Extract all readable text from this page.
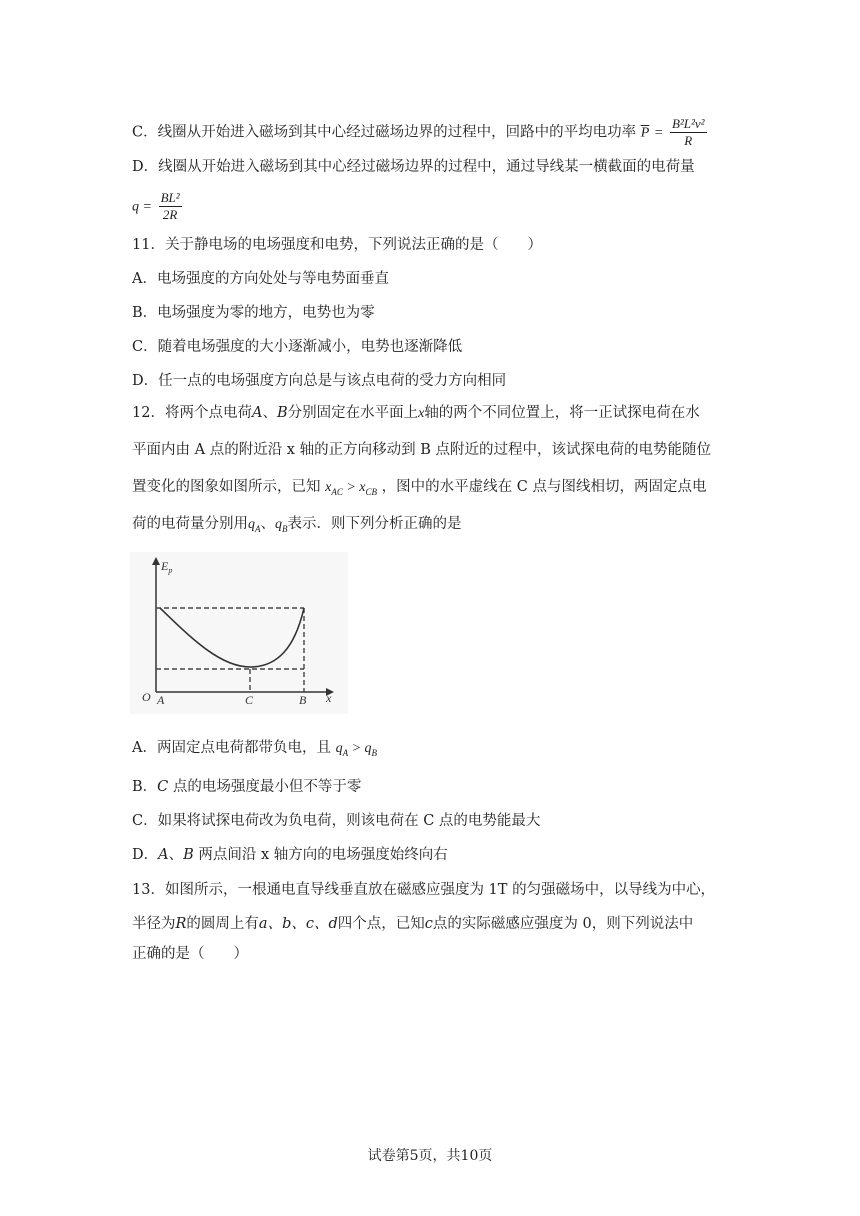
C．线圈从开始进入磁场到其中心经过磁场边界的过程中，回路中的平均电功率 $\overline{P} = \frac{\text{B²L²v²}}{R}$
D．线圈从开始进入磁场到其中心经过磁场边界的过程中，通过导线某一横截面的电荷量
$q = \frac{\text{BL²}}{2R}$
11．关于静电场的电场强度和电势，下列说法正确的是（　　）
A．电场强度的方向处处与等电势面垂直
B．电场强度为零的地方，电势也为零
C．随着电场强度的大小逐渐减小，电势也逐渐降低
D．任一点的电场强度方向总是与该点电荷的受力方向相同
12．将两个点电荷A、B分别固定在水平面上x轴的两个不同位置上，将一正试探电荷在水
平面内由 A 点的附近沿 x 轴的正方向移动到 B 点附近的过程中，该试探电荷的电势能随位
置变化的图象如图所示，已知 $x_{AC} > x_{CB}$ ，图中的水平虚线在 C 点与图线相切，两固定点电
荷的电荷量分别用$q_A$、$q_B$表示．则下列分析正确的是
$E_p$
O A	C	B x
A．两固定点电荷都带负电，且 $q_A > q_B$
B．C 点的电场强度最小但不等于零
C．如果将试探电荷改为负电荷，则该电荷在 C 点的电势能最大
D．A、B 两点间沿 x 轴方向的电场强度始终向右
13．如图所示，一根通电直导线垂直放在磁感应强度为 1T 的匀强磁场中，以导线为中心，
半径为R的圆周上有a、b、c、d四个点，已知c点的实际磁感应强度为 0，则下列说法中
正确的是（　　）
试卷第5页，共10页
